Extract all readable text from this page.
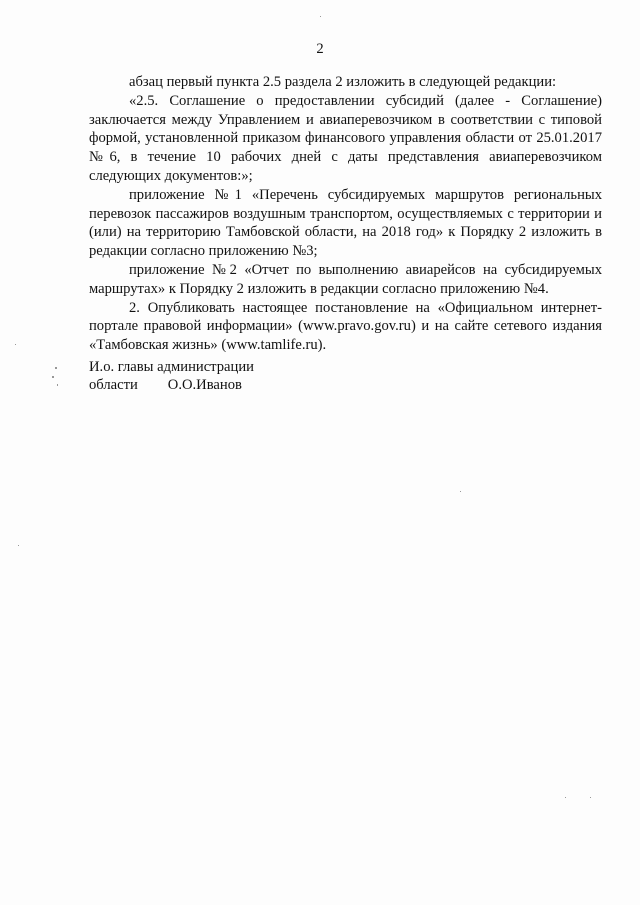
2

абзац первый пункта 2.5 раздела 2 изложить в следующей редакции:

«2.5. Соглашение о предоставлении субсидий (далее - Соглашение) заключается между Управлением и авиаперевозчиком в соответствии с типовой формой, установленной приказом финансового управления области от 25.01.2017 №6, в течение 10 рабочих дней с даты представления авиаперевозчиком следующих документов:»;

приложение №1 «Перечень субсидируемых маршрутов региональных перевозок пассажиров воздушным транспортом, осуществляемых с территории и (или) на территорию Тамбовской области, на 2018 год» к Порядку 2 изложить в редакции согласно приложению №3;

приложение №2 «Отчет по выполнению авиарейсов на субсидируемых маршрутах» к Порядку 2 изложить в редакции согласно приложению №4.

2. Опубликовать настоящее постановление на «Официальном интернет-портале правовой информации» (www.pravo.gov.ru) и на сайте сетевого издания «Тамбовская жизнь» (www.tamlife.ru).

И.о. главы администрации
области О.О.Иванов
